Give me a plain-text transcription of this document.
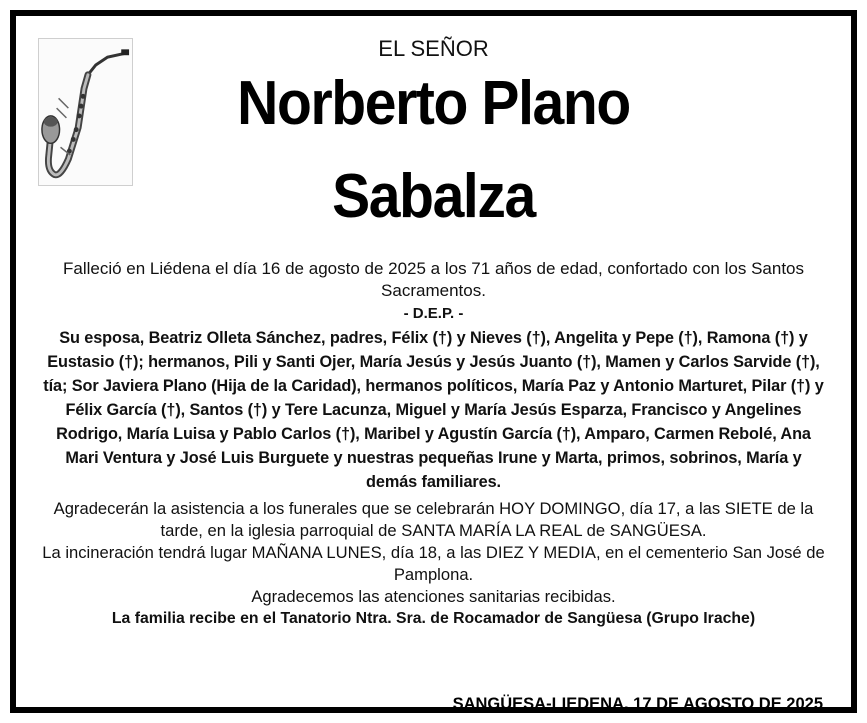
EL SEÑOR
Norberto Plano
Sabalza

Falleció en Liédena el día 16 de agosto de 2025 a los 71 años de edad, confortado con los Santos Sacramentos.

- D.E.P. -

Su esposa, Beatriz Olleta Sánchez, padres, Félix (†) y Nieves (†), Angelita y Pepe (†), Ramona (†) y Eustasio (†); hermanos, Pili y Santi Ojer, María Jesús y Jesús Juanto (†), Mamen y Carlos Sarvide (†), tía; Sor Javiera Plano (Hija de la Caridad), hermanos políticos, María Paz y Antonio Marturet, Pilar (†) y Félix García (†), Santos (†) y Tere Lacunza, Miguel y María Jesús Esparza, Francisco y Angelines Rodrigo, María Luisa y Pablo Carlos (†), Maribel y Agustín García (†), Amparo, Carmen Rebolé, Ana Mari Ventura y José Luis Burguete y nuestras pequeñas Irune y Marta, primos, sobrinos, María y demás familiares.

Agradecerán la asistencia a los funerales que se celebrarán HOY DOMINGO, día 17, a las SIETE de la tarde, en la iglesia parroquial de SANTA MARÍA LA REAL de SANGÜESA.

La incineración tendrá lugar MAÑANA LUNES, día 18, a las DIEZ Y MEDIA, en el cementerio San José de Pamplona.

Agradecemos las atenciones sanitarias recibidas.

La familia recibe en el Tanatorio Ntra. Sra. de Rocamador de Sangüesa (Grupo Irache)

SANGÜESA-LIEDENA, 17 DE AGOSTO DE 2025
